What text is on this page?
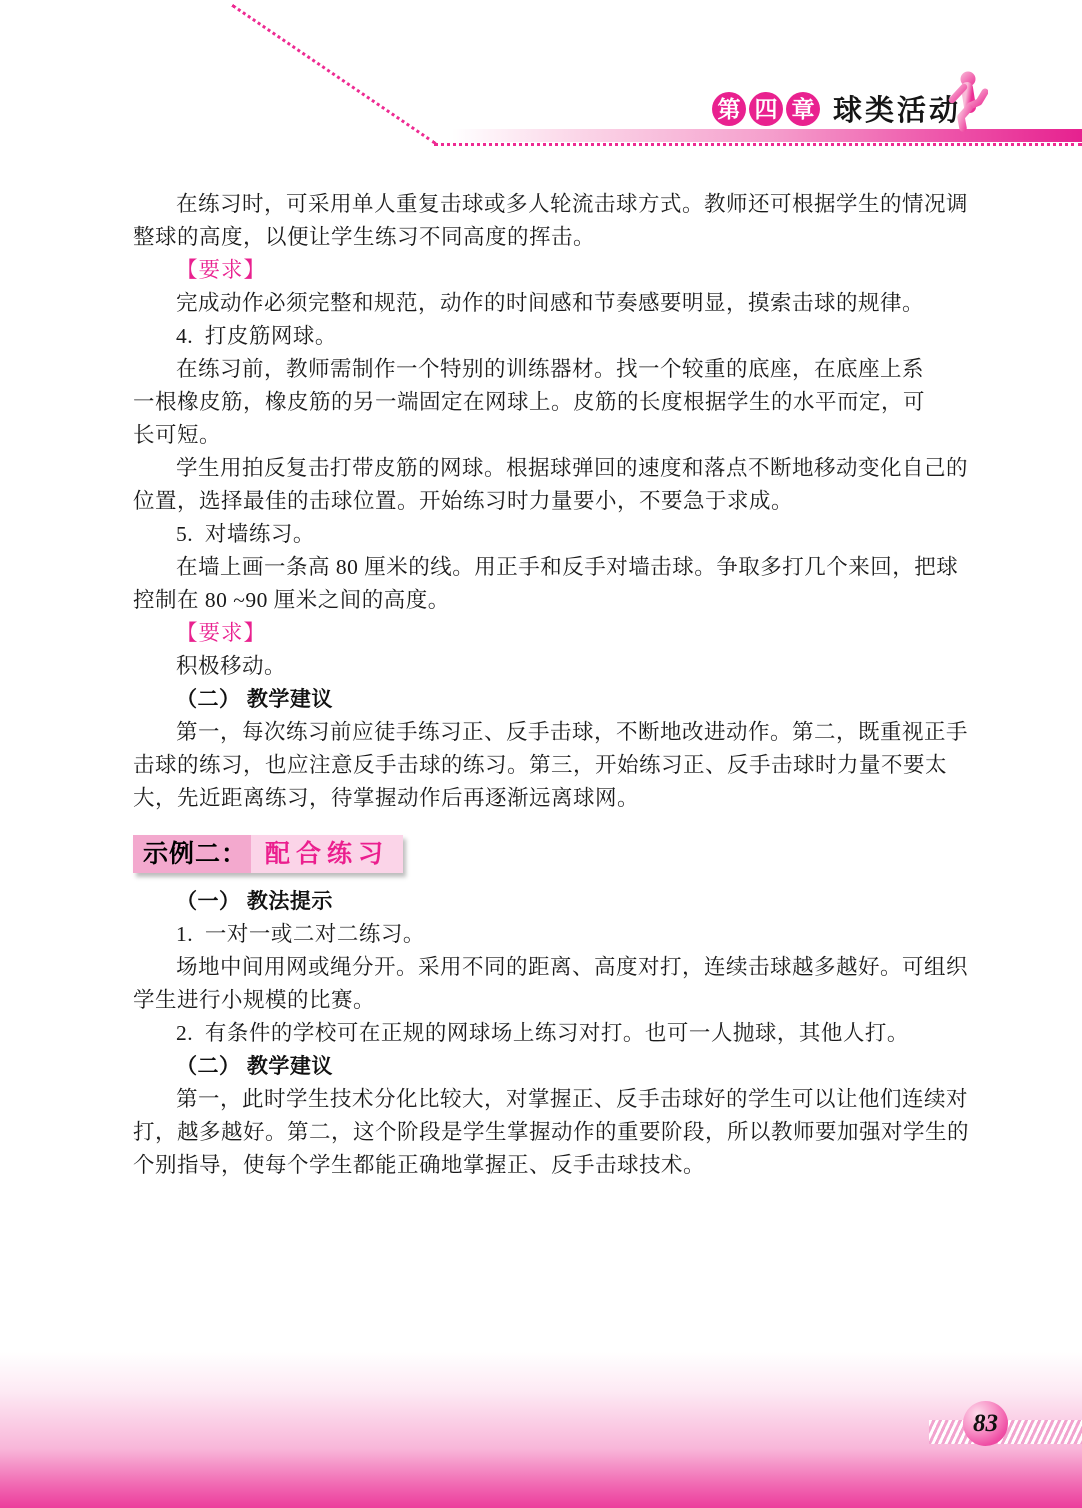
第 四 章 球类活动
在练习时，可采用单人重复击球或多人轮流击球方式。教师还可根据学生的情况调
整球的高度，以便让学生练习不同高度的挥击。
【要求】
完成动作必须完整和规范，动作的时间感和节奏感要明显，摸索击球的规律。
4.  打皮筋网球。
在练习前，教师需制作一个特别的训练器材。找一个较重的底座，在底座上系
一根橡皮筋，橡皮筋的另一端固定在网球上。皮筋的长度根据学生的水平而定，可
长可短。
学生用拍反复击打带皮筋的网球。根据球弹回的速度和落点不断地移动变化自己的
位置，选择最佳的击球位置。开始练习时力量要小，不要急于求成。
5.  对墙练习。
在墙上画一条高 80 厘米的线。用正手和反手对墙击球。争取多打几个来回，把球
控制在 80 ~90 厘米之间的高度。
【要求】
积极移动。
（二） 教学建议
第一，每次练习前应徒手练习正、反手击球，不断地改进动作。第二，既重视正手
击球的练习，也应注意反手击球的练习。第三，开始练习正、反手击球时力量不要太
大，先近距离练习，待掌握动作后再逐渐远离球网。
示例二： 配合练习
（一） 教法提示
1.  一对一或二对二练习。
场地中间用网或绳分开。采用不同的距离、高度对打，连续击球越多越好。可组织
学生进行小规模的比赛。
2.  有条件的学校可在正规的网球场上练习对打。也可一人抛球，其他人打。
（二） 教学建议
第一，此时学生技术分化比较大，对掌握正、反手击球好的学生可以让他们连续对
打，越多越好。第二，这个阶段是学生掌握动作的重要阶段，所以教师要加强对学生的
个别指导，使每个学生都能正确地掌握正、反手击球技术。
83
